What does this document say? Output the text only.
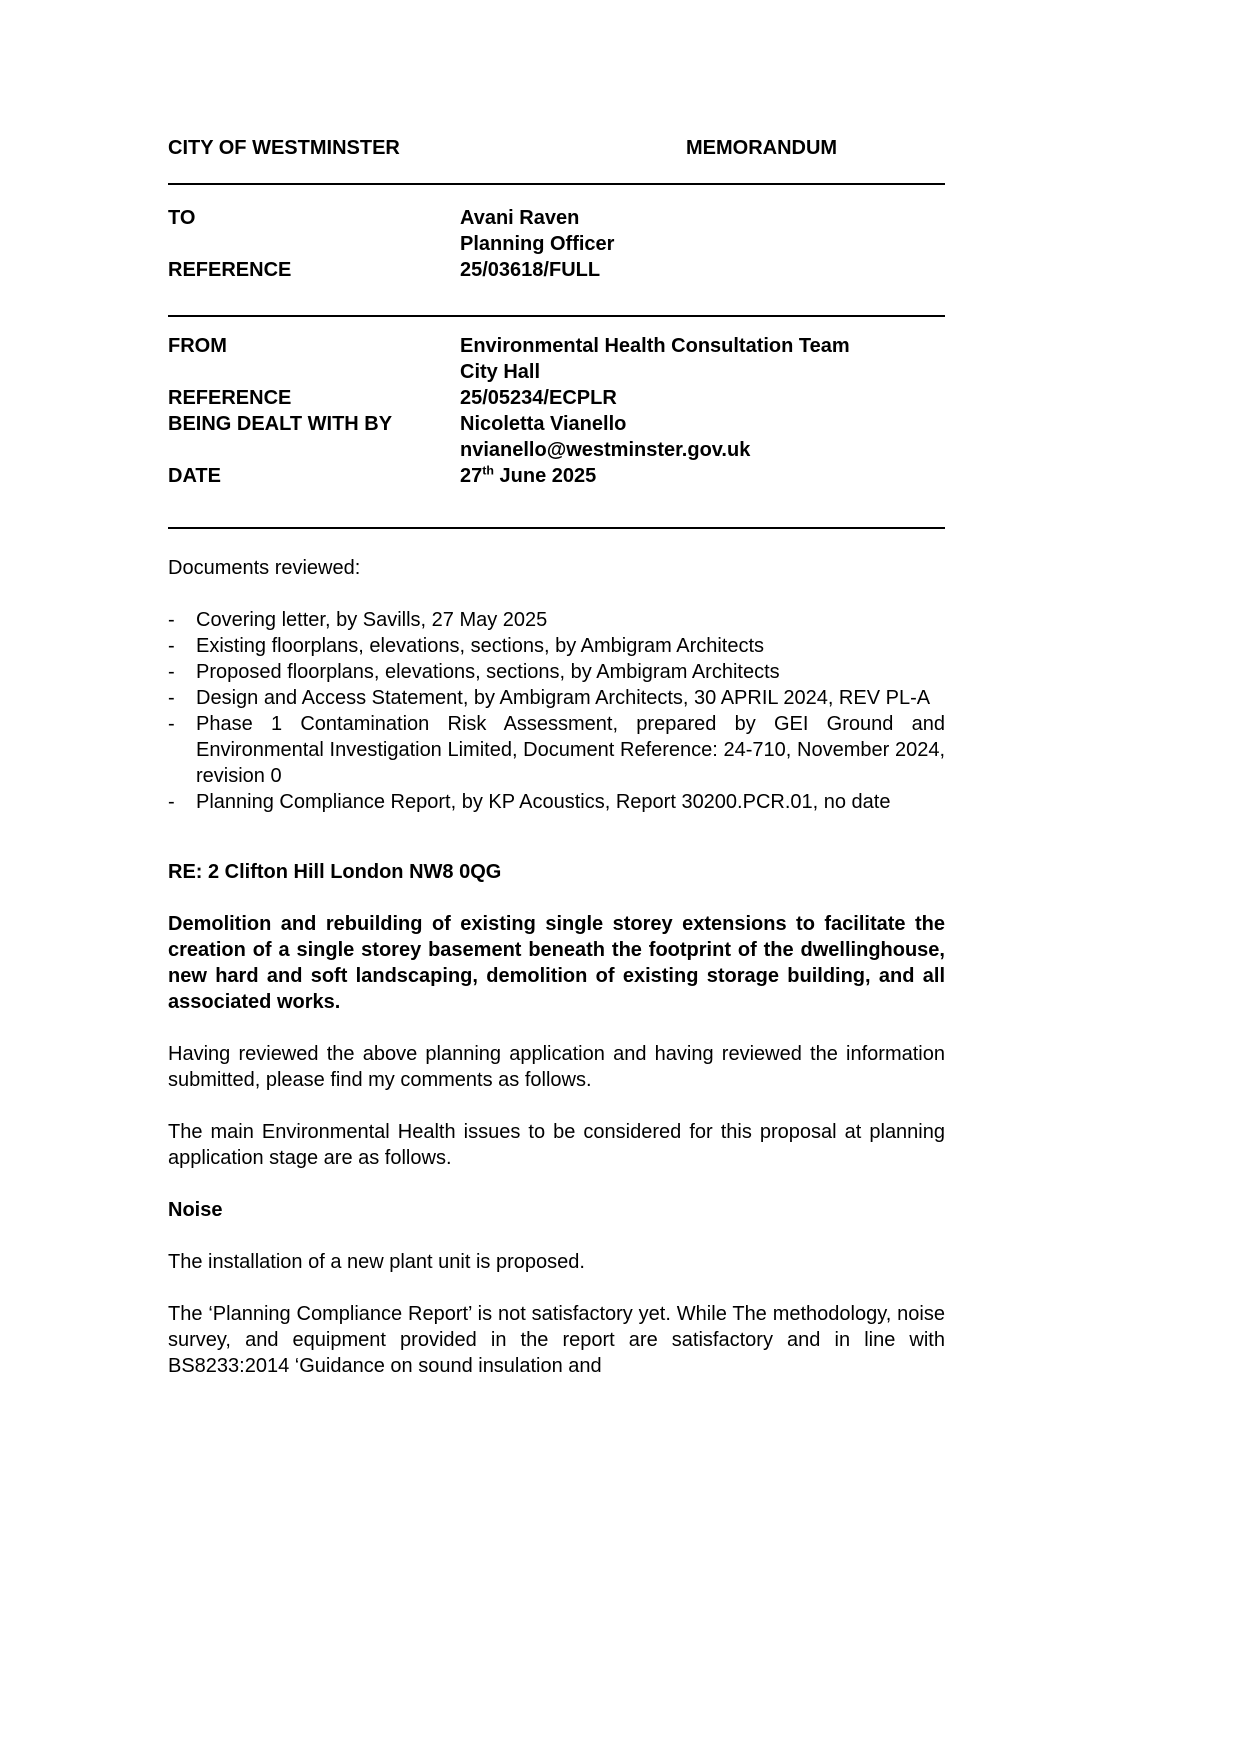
CITY OF WESTMINSTER	MEMORANDUM
TO	Avani Raven
Planning Officer
REFERENCE	25/03618/FULL
FROM	Environmental Health Consultation Team
City Hall
REFERENCE	25/05234/ECPLR
BEING DEALT WITH BY	Nicoletta Vianello
nvianello@westminster.gov.uk
DATE	27th June 2025

Documents reviewed:

-	Covering letter, by Savills, 27 May 2025
-	Existing floorplans, elevations, sections, by Ambigram Architects
-	Proposed floorplans, elevations, sections, by Ambigram Architects
-	Design and Access Statement, by Ambigram Architects, 30 APRIL 2024, REV PL-A
-	Phase 1 Contamination Risk Assessment, prepared by GEI Ground and Environmental Investigation Limited, Document Reference: 24-710, November 2024, revision 0
-	Planning Compliance Report, by KP Acoustics, Report 30200.PCR.01, no date

RE: 2 Clifton Hill London NW8 0QG

Demolition and rebuilding of existing single storey extensions to facilitate the creation of a single storey basement beneath the footprint of the dwellinghouse, new hard and soft landscaping, demolition of existing storage building, and all associated works.

Having reviewed the above planning application and having reviewed the information submitted, please find my comments as follows.

The main Environmental Health issues to be considered for this proposal at planning application stage are as follows.

Noise

The installation of a new plant unit is proposed.

The ‘Planning Compliance Report’ is not satisfactory yet. While The methodology, noise survey, and equipment provided in the report are satisfactory and in line with BS8233:2014 ‘Guidance on sound insulation and
